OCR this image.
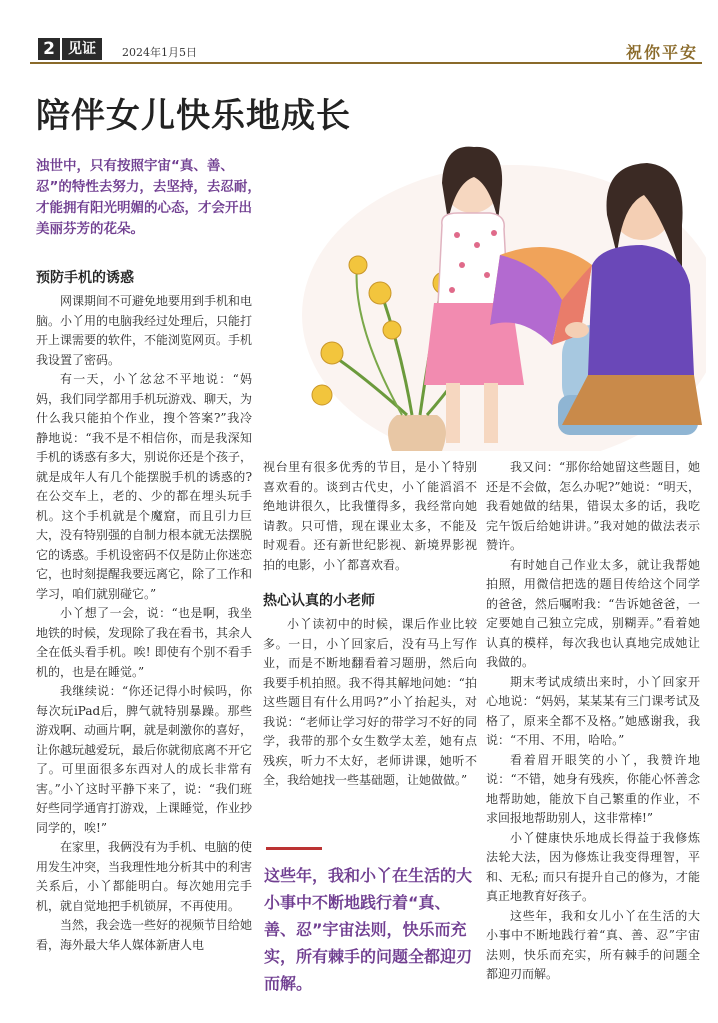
2 见证	2024年1月5日	祝你平安
陪伴女儿快乐地成长
浊世中，只有按照宇宙“真、善、忍”的特性去努力，去坚持，去忍耐，才能拥有阳光明媚的心态，才会开出美丽芬芳的花朵。
预防手机的诱惑

网课期间不可避免地要用到手机和电脑。小丫用的电脑我经过处理后，只能打开上课需要的软件，不能浏览网页。手机我设置了密码。

有一天，小丫忿忿不平地说：“妈妈，我们同学都用手机玩游戏、聊天，为什么我只能拍个作业，搜个答案?”我冷静地说：“我不是不相信你，而是我深知手机的诱惑有多大，别说你还是个孩子，就是成年人有几个能摆脱手机的诱惑的? 在公交车上，老的、少的都在埋头玩手机。这个手机就是个魔窟，而且引力巨大，没有特别强的自制力根本就无法摆脱它的诱惑。手机设密码不仅是防止你迷恋它，也时刻提醒我要远离它，除了工作和学习，咱们就别碰它。”

小丫想了一会，说：“也是啊，我坐地铁的时候，发现除了我在看书，其余人全在低头看手机。唉! 即使有个别不看手机的，也是在睡觉。”

我继续说：“你还记得小时候吗，你每次玩iPad后，脾气就特别暴躁。那些游戏啊、动画片啊，就是刺激你的喜好，让你越玩越爱玩，最后你就彻底离不开它了。可里面很多东西对人的成长非常有害。”小丫这时平静下来了，说：“我们班好些同学通宵打游戏，上课睡觉，作业抄同学的，唉!”

在家里，我俩没有为手机、电脑的使用发生冲突，当我理性地分析其中的利害关系后，小丫都能明白。每次她用完手机，就自觉地把手机锁屏，不再使用。

当然，我会选一些好的视频节目给她看，海外最大华人媒体新唐人电

视台里有很多优秀的节目，是小丫特别喜欢看的。谈到古代史，小丫能滔滔不绝地讲很久，比我懂得多，我经常向她请教。只可惜，现在课业太多，不能及时观看。还有新世纪影视、新境界影视拍的电影，小丫都喜欢看。

热心认真的小老师

小丫读初中的时候，课后作业比较多。一日，小丫回家后，没有马上写作业，而是不断地翻看着习题册，然后向我要手机拍照。我不得其解地问她：“拍这些题目有什么用吗?”小丫抬起头，对我说：“老师让学习好的带学习不好的同学，我带的那个女生数学太差，她有点残疾，听力不太好，老师讲课，她听不全，我给她找一些基础题，让她做做。”

这些年，我和小丫在生活的大小事中不断地践行着“真、善、忍”宇宙法则，快乐而充实，所有棘手的问题全都迎刃而解。

我又问：“那你给她留这些题目，她还是不会做，怎么办呢?”她说：“明天，我看她做的结果，错误太多的话，我吃完午饭后给她讲讲。”我对她的做法表示赞许。

有时她自己作业太多，就让我帮她拍照，用微信把选的题目传给这个同学的爸爸，然后嘱咐我：“告诉她爸爸，一定要她自己独立完成，别糊弄。”看着她认真的模样，每次我也认真地完成她让我做的。

期末考试成绩出来时，小丫回家开心地说：“妈妈，某某某有三门课考试及格了，原来全都不及格。”她感谢我，我说：“不用、不用，哈哈。”

看着眉开眼笑的小丫，我赞许地说：“不错，她身有残疾，你能心怀善念地帮助她，能放下自己繁重的作业，不求回报地帮助别人，这非常棒!”

小丫健康快乐地成长得益于我修炼法轮大法，因为修炼让我变得理智，平和、无私; 而只有提升自己的修为，才能真正地教育好孩子。

这些年，我和女儿小丫在生活的大小事中不断地践行着“真、善、忍”宇宙法则，快乐而充实，所有棘手的问题全都迎刃而解。
